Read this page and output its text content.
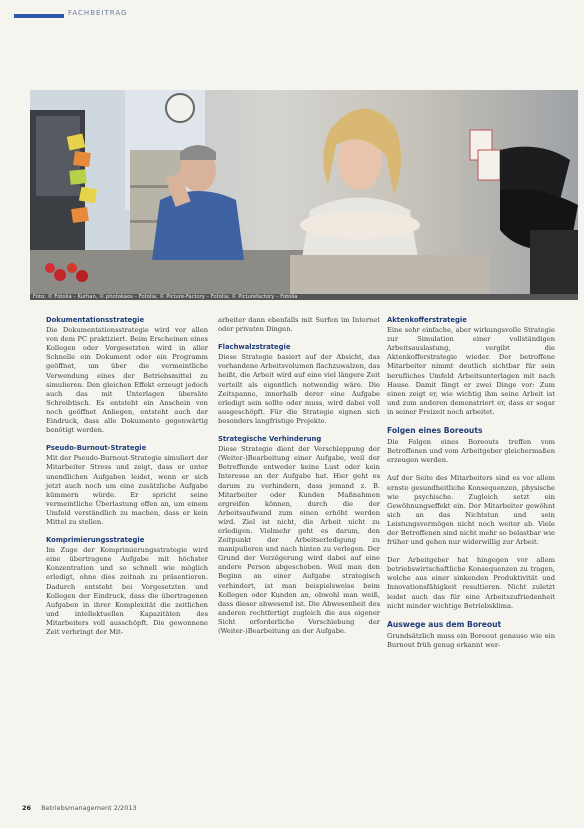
FACHBEITRAG
Foto: © Fotolia – Kurhan, © photokaos – Fotolia; © Picture-Factory – Fotolia; © Picturefactory – Fotolia
Dokumentationsstrategie

Die Dokumentationsstrategie wird vor allen von dem PC praktiziert. Beim Erscheinen eines Kollegen oder Vorgesetzten wird in aller Schnelle ein Dokument oder ein Programm geöffnet, um über die vermeintliche Verwendung eines der Betriebsmittel zu simulieren. Den gleichen Effekt erzeugt jedoch auch das mit Unterlagen übersäte Schreibtisch. Es entsteht ein Anschein von noch geöffnet Anliegen, entsteht auch der Eindruck, dass alle Dokumente gegenwärtig benötigt werden.

Pseudo-Burnout-Strategie

Mit der Pseudo-Burnout-Strategie simuliert der Mitarbeiter Stress und zeigt, dass er unter unendlichen Aufgaben leidet, wenn er sich jetzt auch noch um eine zusätzliche Aufgabe kümmern würde. Er spricht seine vermeintliche Überlastung offen an, um einem Umfeld verständlich zu machen, dass er kein Mittel zu stellen.

Komprimierungsstrategie

Im Zuge der Komprimierungsstrategie wird eine übertragene Aufgabe mit höchster Konzentration und so schnell wie möglich erledigt, ohne dies zeitnah zu präsentieren. Dadurch entsteht bei Vorgesetzten und Kollegen der Eindruck, dass die übertragenen Aufgaben in ihrer Komplexität die zeitlichen und intellektuellen Kapazitäten des Mitarbeiters voll ausschöpft. Die gewonnene Zeit verbringt der Mit-

arbeiter dann ebenfalls mit Surfen im Internet oder privaten Dingen.

Flachwalzstrategie

Diese Strategie basiert auf der Absicht, das vorhandene Arbeitsvolumen flachzuwalzen, das heißt, die Arbeit wird auf eine viel längere Zeit verteilt als eigentlich notwendig wäre. Die Zeitspanne, innerhalb derer eine Aufgabe erledigt sein sollte oder muss, wird dabei voll ausgeschöpft. Für die Strategie eignen sich besonders langfristige Projekte.

Strategische Verhinderung

Diese Strategie dient der Verschleppung der (Weiter-)Bearbeitung einer Aufgabe, weil der Betreffende entweder keine Lust oder kein Interesse an der Aufgabe hat. Hier geht es darum zu verhindern, dass jemand z. B. Mitarbeiter oder Kunden Maßnahmen ergreifen können, durch die der Arbeitsaufwand zum einen erhöht werden wird. Ziel ist nicht, die Arbeit nicht zu erledigen. Vielmehr geht es darum, den Zeitpunkt der Arbeitserledigung zu manipulieren und nach hinten zu verlegen. Der Grund der Verzögerung wird dabei auf eine andere Person abgeschoben. Weil man den Beginn an einer Aufgabe strategisch verhindert, ist man beispielsweise beim Kollegen oder Kunden an, obwohl man weiß, dass dieser abwesend ist. Die Abwesenheit des anderen rechtfertigt zugleich die aus eigener Sicht erforderliche Verschiebung der (Weiter-)Bearbeitung an der Aufgabe.

Aktenkofferstrategie

Eine sehr einfache, aber wirkungsvolle Strategie zur Simulation einer vollständigen Arbeitsauslastung, vergibt die Aktenkofferstrategie wieder. Der betroffene Mitarbeiter nimmt deutlich sichtbar für sein berufliches Umfeld Arbeitsunterlagen mit nach Hause. Damit fängt er zwei Dinge vor: Zum einen zeigt er, wie wichtig ihm seine Arbeit ist und zum anderen demonstriert er, dass er sogar in seiner Freizeit noch arbeitet.

Folgen eines Boreouts

Die Folgen eines Boreouts treffen vom Betroffenen und vom Arbeitgeber gleichermaßen erzeugen werden.

Auf der Seite des Mitarbeiters sind es vor allem ernste gesundheitliche Konsequenzen, physische wie psychische. Zugleich setzt ein Gewöhnungseffekt ein. Der Mitarbeiter gewöhnt sich an das Nichtstun und sein Leistungsvermögen nicht noch weiter ab. Viele der Betroffenen sind nicht mehr so belastbar wie früher und gehen nur widerwillig zur Arbeit.

Der Arbeitgeber hat hingegen vor allem betriebswirtschaftliche Konsequenzen zu tragen, welche aus einer sinkenden Produktivität und Innovationsfähigkeit resultieren. Nicht zuletzt leidet auch das für eine Arbeitszufriedenheit nicht minder wichtige Betriebsklima.

Auswege aus dem Boreout

Grundsätzlich muss ein Boreout genauso wie ein Burnout früh genug erkannt wer-

26 Betriebsmanagement 2/2013
